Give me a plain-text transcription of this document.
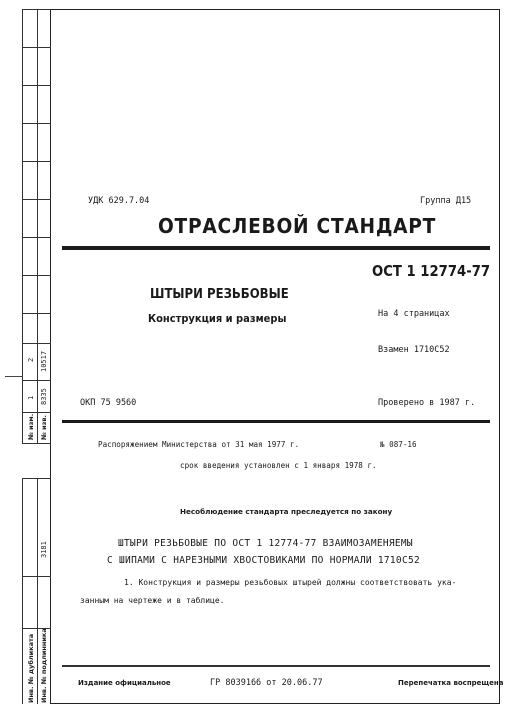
2 10517
1 8335
№ изм. № изв.
3181
Инв. № дубликата Инв. № подлинника
УДК 629.7.04	Группа Д15
ОТРАСЛЕВОЙ СТАНДАРТ
ОСТ 1 12774-77
ШТЫРИ РЕЗЬБОВЫЕ
Конструкция и размеры	На 4 страницах
Взамен 1710С52
ОКП 75 9560	Проверено в 1987 г.
Распоряжением Министерства от 31 мая 1977 г.	№ 087-16
срок введения установлен с 1 января 1978 г.
Несоблюдение стандарта преследуется по закону
ШТЫРИ РЕЗЬБОВЫЕ ПО ОСТ 1 12774-77 ВЗАИМОЗАМЕНЯЕМЫ
С ШИПАМИ С НАРЕЗНЫМИ ХВОСТОВИКАМИ ПО НОРМАЛИ 1710С52
1. Конструкция и размеры резьбовых штырей должны соответствовать ука-
занным на чертеже и в таблице.
Издание официальное	ГР 8039166 от 20.06.77	Перепечатка воспрещена
